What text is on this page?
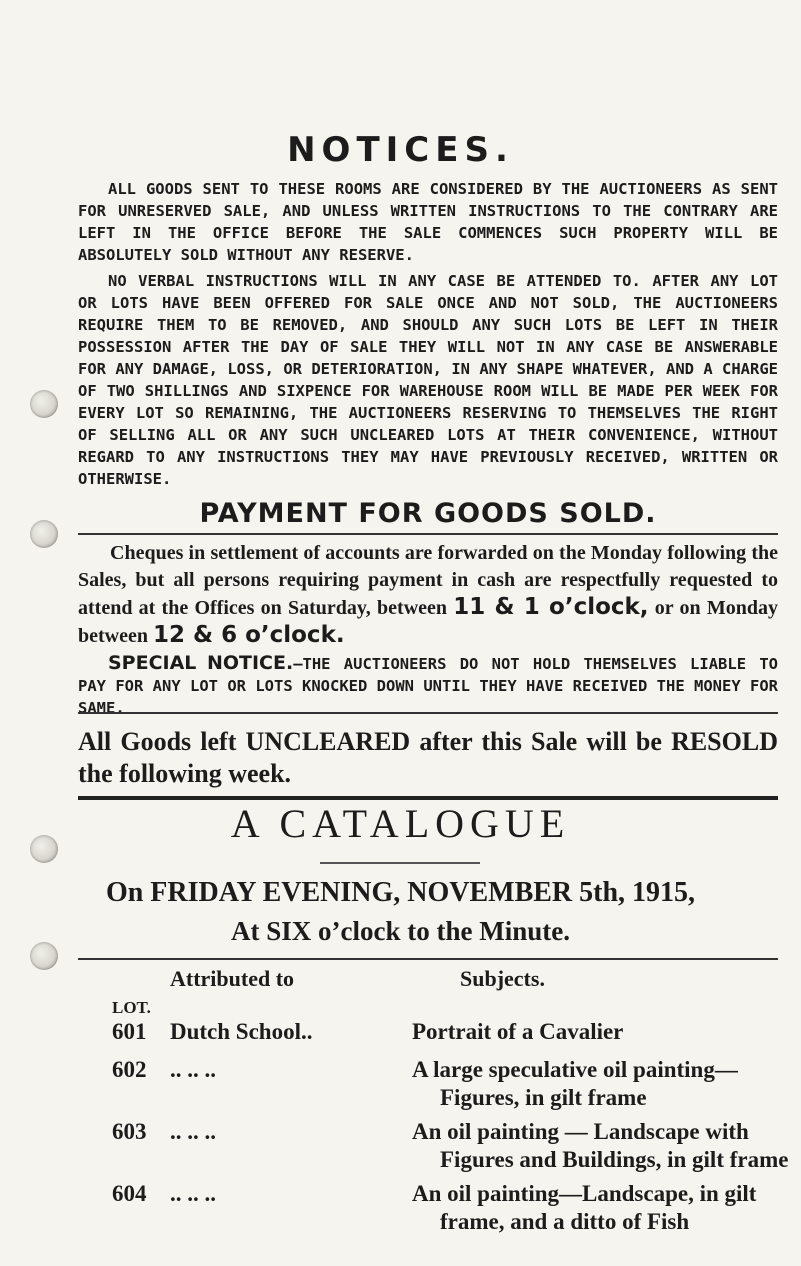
NOTICES.

ALL GOODS SENT TO THESE ROOMS ARE CONSIDERED BY THE AUCTIONEERS AS SENT FOR UNRESERVED SALE, AND UNLESS WRITTEN INSTRUCTIONS TO THE CONTRARY ARE LEFT IN THE OFFICE BEFORE THE SALE COMMENCES SUCH PROPERTY WILL BE ABSOLUTELY SOLD WITHOUT ANY RESERVE.

NO VERBAL INSTRUCTIONS WILL IN ANY CASE BE ATTENDED TO. AFTER ANY LOT OR LOTS HAVE BEEN OFFERED FOR SALE ONCE AND NOT SOLD, THE AUCTIONEERS REQUIRE THEM TO BE REMOVED, AND SHOULD ANY SUCH LOTS BE LEFT IN THEIR POSSESSION AFTER THE DAY OF SALE THEY WILL NOT IN ANY CASE BE ANSWERABLE FOR ANY DAMAGE, LOSS, OR DETERIORATION, IN ANY SHAPE WHATEVER, AND A CHARGE OF TWO SHILLINGS AND SIXPENCE FOR WAREHOUSE ROOM WILL BE MADE PER WEEK FOR EVERY LOT SO REMAINING, THE AUCTIONEERS RESERVING TO THEMSELVES THE RIGHT OF SELLING ALL OR ANY SUCH UNCLEARED LOTS AT THEIR CONVENIENCE, WITHOUT REGARD TO ANY INSTRUCTIONS THEY MAY HAVE PREVIOUSLY RECEIVED, WRITTEN OR OTHERWISE.

PAYMENT FOR GOODS SOLD.

Cheques in settlement of accounts are forwarded on the Monday following the Sales, but all persons requiring payment in cash are respectfully requested to attend at the Offices on Saturday, between 11 & 1 o’clock, or on Monday between 12 & 6 o’clock.

SPECIAL NOTICE.—THE AUCTIONEERS DO NOT HOLD THEMSELVES LIABLE TO PAY FOR ANY LOT OR LOTS KNOCKED DOWN UNTIL THEY HAVE RECEIVED THE MONEY FOR SAME.

All Goods left UNCLEARED after this Sale will be RESOLD the following week.

A CATALOGUE
On FRIDAY EVENING, NOVEMBER 5th, 1915,
At SIX o’clock to the Minute.
Attributed to	Subjects.
LOT.
601	Dutch School..	Portrait of a Cavalier
602	.. .. ..	A large speculative oil painting—
Figures, in gilt frame
603	.. .. ..	An oil painting — Landscape with
Figures and Buildings, in gilt frame
604	.. .. ..	An oil painting—Landscape, in gilt
frame, and a ditto of Fish
